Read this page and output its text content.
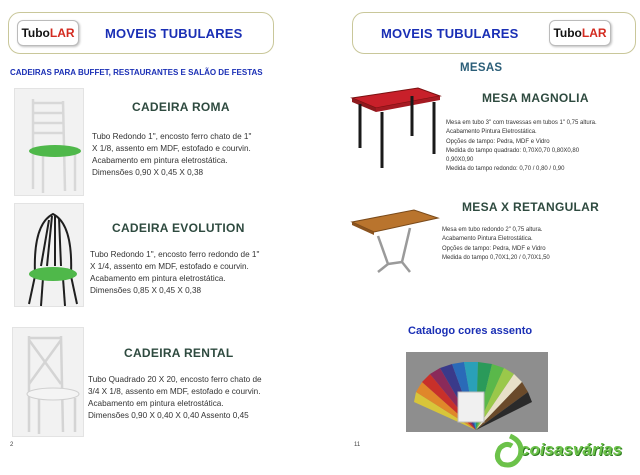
Tubo LAR MOVEIS TUBULARES
CADEIRAS PARA BUFFET, RESTAURANTES E SALÃO DE FESTAS
CADEIRA ROMA
Tubo Redondo 1", encosto ferro chato de 1"
X 1/8, assento em MDF, estofado e courvin.
Acabamento em pintura eletrostática.
Dimensões 0,90 X 0,45 X 0,38
CADEIRA EVOLUTION
Tubo Redondo 1", encosto ferro redondo de 1"
X 1/4, assento em MDF, estofado e courvin.
Acabamento em pintura eletrostática.
Dimensões 0,85 X 0,45 X 0,38
CADEIRA RENTAL
Tubo Quadrado 20 X 20, encosto ferro chato de
3/4 X 1/8, assento em MDF, estofado e courvin.
Acabamento em pintura eletrostática.
Dimensões 0,90 X 0,40 X 0,40 Assento 0,45
2
MOVEIS TUBULARES	Tubo LAR
MESAS
MESA MAGNOLIA
Mesa em tubo 3" com travessas em tubos 1" 0,75 altura.
Acabamento Pintura Eletrostática.
Opções de tampo: Pedra, MDF e Vidro
Medida do tampo quadrado: 0,70X0,70 0,80X0,80
0,90X0,90
Medida do tampo redondo: 0,70 / 0,80 / 0,90
MESA X RETANGULAR
Mesa em tubo redondo 2" 0,75 altura.
Acabamento Pintura Eletrostática.
Opções de tampo: Pedra, MDF e Vidro
Medida do tampo 0,70X1,20 / 0,70X1,50
Catalogo cores assento
11	coisasvárias
